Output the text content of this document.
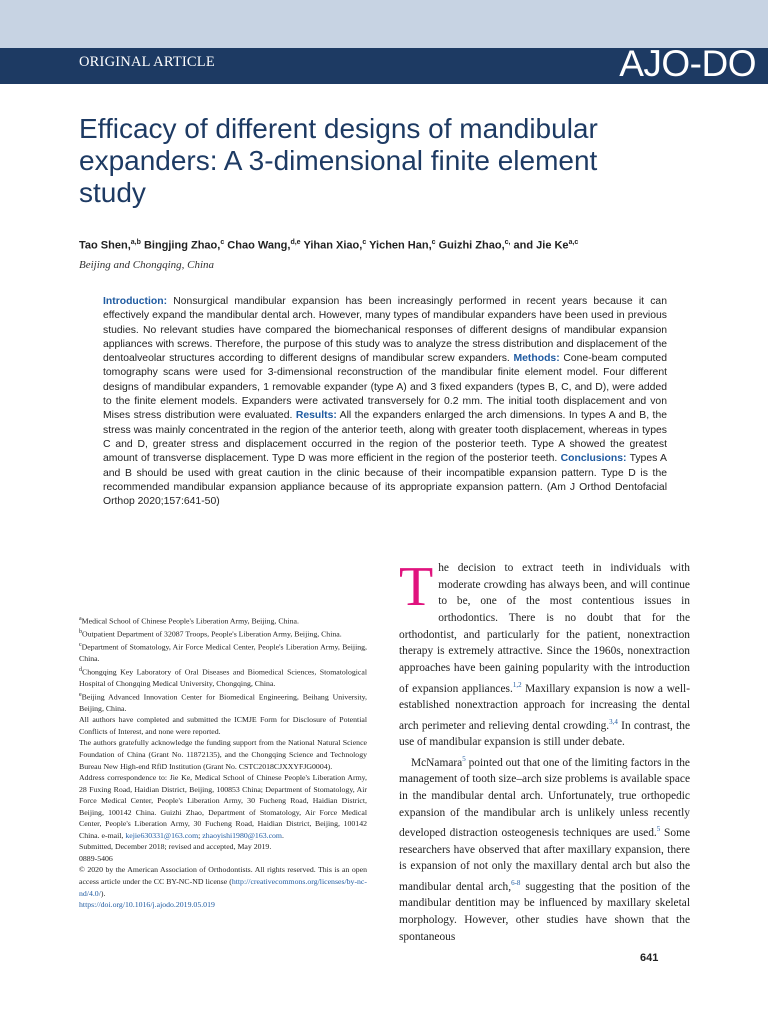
ORIGINAL ARTICLE	AJO-DO
Efficacy of different designs of mandibular expanders: A 3-dimensional finite element study
Tao Shen,$^{a,b}$ Bingjing Zhao,$^c$ Chao Wang,$^{d,e}$ Yihan Xiao,$^c$ Yichen Han,$^c$ Guizhi Zhao,$^{c,}$ and Jie Ke$^{a,c}$
Beijing and Chongqing, China

Introduction: Nonsurgical mandibular expansion has been increasingly performed in recent years because it can effectively expand the mandibular dental arch. However, many types of mandibular expanders have been used in previous studies. No relevant studies have compared the biomechanical responses of different designs of mandibular expansion appliances with screws. Therefore, the purpose of this study was to analyze the stress distribution and displacement of the dentoalveolar structures according to different designs of mandibular screw expanders. Methods: Cone-beam computed tomography scans were used for 3-dimensional reconstruction of the mandibular finite element model. Four different designs of mandibular expanders, 1 removable expander (type A) and 3 fixed expanders (types B, C, and D), were added to the finite element models. Expanders were activated transversely for 0.2 mm. The initial tooth displacement and von Mises stress distribution were evaluated. Results: All the expanders enlarged the arch dimensions. In types A and B, the stress was mainly concentrated in the region of the anterior teeth, along with greater tooth displacement, whereas in types C and D, greater stress and displacement occurred in the region of the posterior teeth. Type A showed the greatest amount of transverse displacement. Type D was more efficient in the region of the posterior teeth. Conclusions: Types A and B should be used with great caution in the clinic because of their incompatible expansion pattern. Type D is the recommended mandibular expansion appliance because of its appropriate expansion pattern. (Am J Orthod Dentofacial Orthop 2020;157:641-50)

$^a$Medical School of Chinese People's Liberation Army, Beijing, China.

$^b$Outpatient Department of 32087 Troops, People's Liberation Army, Beijing, China.

$^c$Department of Stomatology, Air Force Medical Center, People's Liberation Army, Beijing, China.

$^d$Chongqing Key Laboratory of Oral Diseases and Biomedical Sciences, Stomatological Hospital of Chongqing Medical University, Chongqing, China.

$^e$Beijing Advanced Innovation Center for Biomedical Engineering, Beihang University, Beijing, China.

All authors have completed and submitted the ICMJE Form for Disclosure of Potential Conflicts of Interest, and none were reported.

The authors gratefully acknowledge the funding support from the National Natural Science Foundation of China (Grant No. 11872135), and the Chongqing Science and Technology Bureau New High-end RfiD Institution (Grant No. CSTC2018CJXXYFJG0004).

Address correspondence to: Jie Ke, Medical School of Chinese People's Liberation Army, 28 Fuxing Road, Haidian District, Beijing, 100853 China; Department of Stomatology, Air Force Medical Center, People's Liberation Army, 30 Fucheng Road, Haidian District, Beijing, 100142 China. Guizhi Zhao, Department of Stomatology, Air Force Medical Center, People's Liberation Army, 30 Fucheng Road, Haidian District, Beijing, 100142 China. e-mail, kejie630331@163.com; zhaoyishi1980@163.com.

Submitted, December 2018; revised and accepted, May 2019.

0889-5406

© 2020 by the American Association of Orthodontists. All rights reserved. This is an open access article under the CC BY-NC-ND license (http://creativecommons.org/licenses/by-nc-nd/4.0/).

https://doi.org/10.1016/j.ajodo.2019.05.019

The decision to extract teeth in individuals with moderate crowding has always been, and will continue to be, one of the most contentious issues in orthodontics. There is no doubt that for the orthodontist, and particularly for the patient, nonextraction therapy is extremely attractive. Since the 1960s, nonextraction approaches have been gaining popularity with the introduction of expansion appliances.$^{1,2}$ Maxillary expansion is now a well-established nonextraction approach for increasing the dental arch perimeter and relieving dental crowding.$^{3,4}$ In contrast, the use of mandibular expansion is still under debate.

McNamara$^5$ pointed out that one of the limiting factors in the management of tooth size–arch size problems is available space in the mandibular dental arch. Unfortunately, true orthopedic expansion of the mandibular arch is unlikely unless recently developed distraction osteogenesis techniques are used.$^5$ Some researchers have observed that after maxillary expansion, there is expansion of not only the maxillary dental arch but also the mandibular dental arch,$^{6-8}$ suggesting that the position of the mandibular dentition may be influenced by maxillary skeletal morphology. However, other studies have shown that the spontaneous

641
